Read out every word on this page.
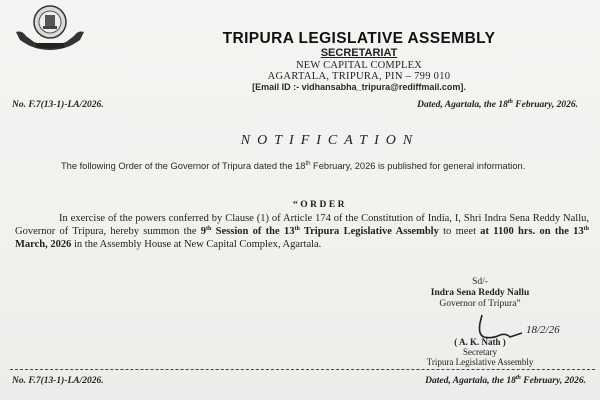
TRIPURA LEGISLATIVE ASSEMBLY
SECRETARIAT
NEW CAPITAL COMPLEX
AGARTALA, TRIPURA, PIN – 799 010
[Email ID :- vidhansabha_tripura@rediffmail.com].
No. F.7(13-1)-LA/2026.	Dated, Agartala, the 18th February, 2026.
NOTIFICATION
The following Order of the Governor of Tripura dated the 18th February, 2026 is published for general information.
“ORDER
In exercise of the powers conferred by Clause (1) of Article 174 of the Constitution of India, I, Shri Indra Sena Reddy Nallu, Governor of Tripura, hereby summon the 9th Session of the 13th Tripura Legislative Assembly to meet at 1100 hrs. on the 13th March, 2026 in the Assembly House at New Capital Complex, Agartala.
Sd/-
Indra Sena Reddy Nallu
Governor of Tripura”
18/2/26
( A. K. Nath )
Secretary
Tripura Legislative Assembly
No. F.7(13-1)-LA/2026.	Dated, Agartala, the 18th February, 2026.
